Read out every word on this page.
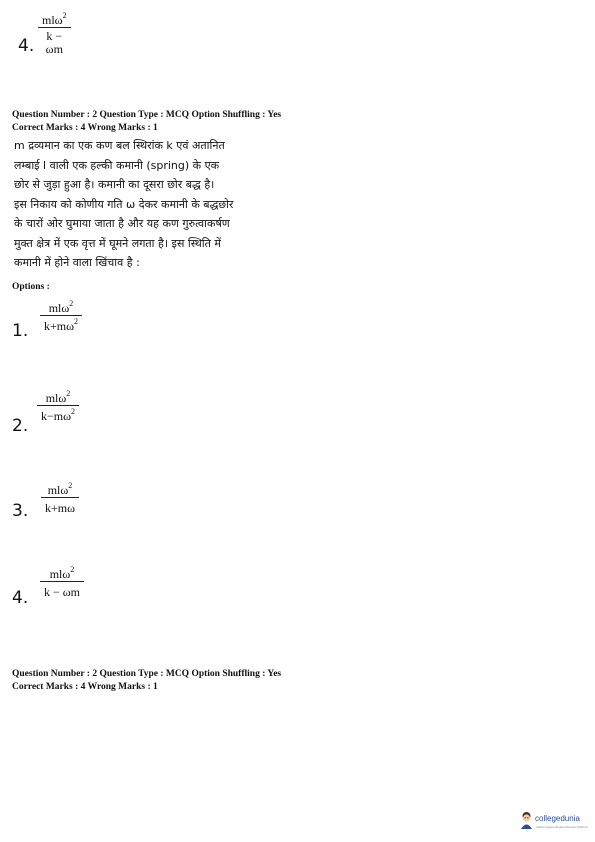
mlω$^2$
k − ωm
4.
Question Number : 2 Question Type : MCQ Option Shuffling : Yes
Correct Marks : 4 Wrong Marks : 1
m द्रव्यमान का एक कण बल स्थिरांक k एवं अतानित
लम्बाई l वाली एक हल्की कमानी (spring) के एक
छोर से जुड़ा हुआ है। कमानी का दूसरा छोर बद्ध है।
इस निकाय को कोणीय गति ω देकर कमानी के बद्धछोर
के चारों ओर घुमाया जाता है और यह कण गुरुत्वाकर्षण
मुक्त क्षेत्र में एक वृत्त में घूमने लगता है। इस स्थिति में
कमानी में होने वाला खिंचाव है :
Options :
mlω$^2$
$k+m\omega^2$
1.
mlω$^2$
$k-m\omega^2$
2.
mlω$^2$
k+mω
3.
mlω$^2$
k − ωm
4.
Question Number : 2 Question Type : MCQ Option Shuffling : Yes
Correct Marks : 4 Wrong Marks : 1
collegedunia
India's largest Student Review Platform
